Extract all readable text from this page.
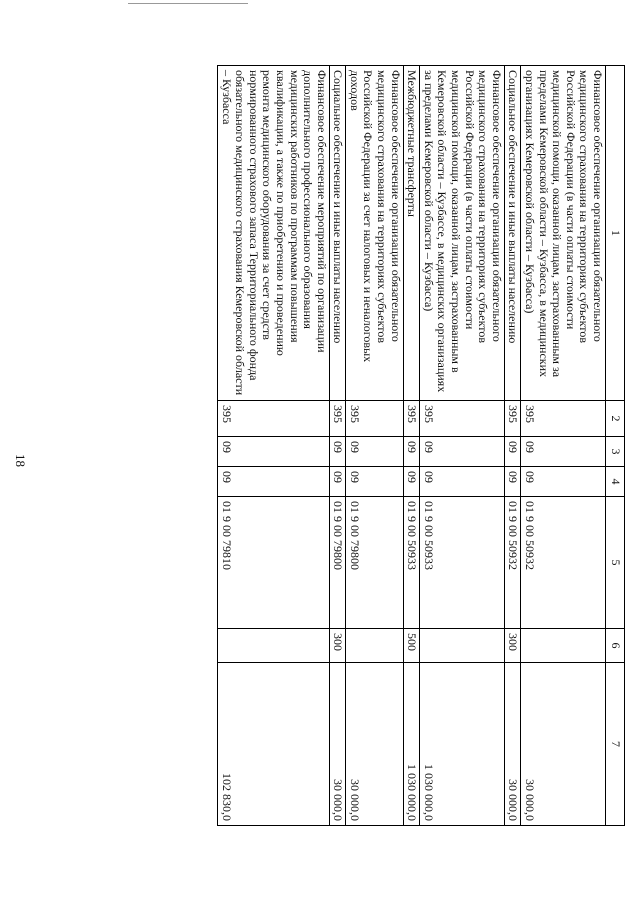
18
1	2	3	4	5	6	7
Финансовое обеспечение организации обязательного медицинского страхования на территориях субъектов Российской Федерации (в части оплаты стоимости медицинской помощи, оказанной лицам, застрахованным за пределами Кемеровской области – Кузбасса, в медицинских организациях Кемеровской области – Кузбасса)	395	09	09	01 9 00 50932		30 000,0
Социальное обеспечение и иные выплаты населению	395	09	09	01 9 00 50932	300	30 000,0
Финансовое обеспечение организации обязательного медицинского страхования на территориях субъектов Российской Федерации (в части оплаты стоимости медицинской помощи, оказанной лицам, застрахованным в Кемеровской области – Кузбассе, в медицинских организациях за пределами Кемеровской области – Кузбасса)	395	09	09	01 9 00 50933		1 030 000,0
Межбюджетные трансферты	395	09	09	01 9 00 50933	500	1 030 000,0
Финансовое обеспечение организации обязательного медицинского страхования на территориях субъектов Российской Федерации за счет налоговых и неналоговых доходов	395	09	09	01 9 00 79800		30 000,0
Социальное обеспечение и иные выплаты населению	395	09	09	01 9 00 79800	300	30 000,0
Финансовое обеспечение мероприятий по организации дополнительного профессионального образования медицинских работников по программам повышения квалификации, а также по приобретению и проведению ремонта медицинского оборудования за счет средств нормированного страхового запаса Территориального фонда обязательного медицинского страхования Кемеровской области – Кузбасса	395	09	09	01 9 00 79810		102 830,0
